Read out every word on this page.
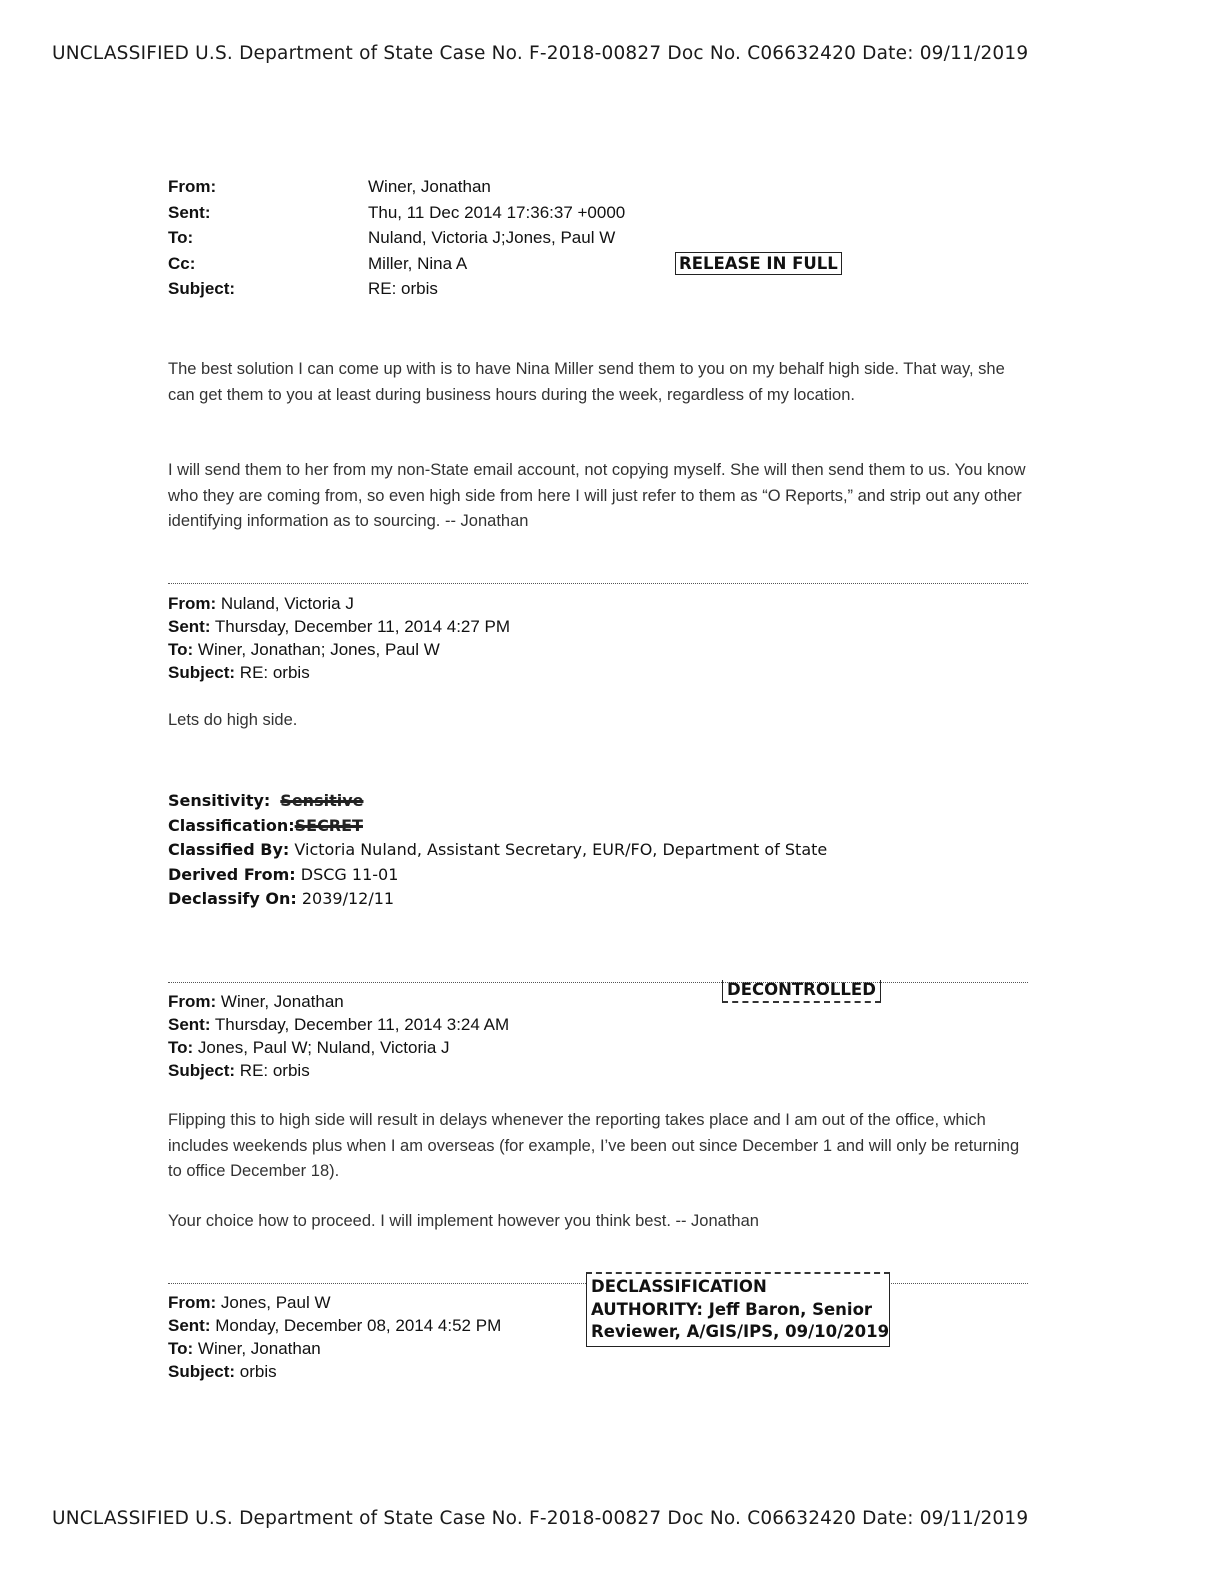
UNCLASSIFIED U.S. Department of State Case No. F-2018-00827 Doc No. C06632420 Date: 09/11/2019
From:	Winer, Jonathan
Sent:	Thu, 11 Dec 2014 17:36:37 +0000
To:	Nuland, Victoria J;Jones, Paul W
Cc:	Miller, Nina A
Subject:	RE: orbis
RELEASE IN FULL

The best solution I can come up with is to have Nina Miller send them to you on my behalf high side. That way, she can get them to you at least during business hours during the week, regardless of my location.

I will send them to her from my non-State email account, not copying myself. She will then send them to us. You know who they are coming from, so even high side from here I will just refer to them as “O Reports,” and strip out any other identifying information as to sourcing. -- Jonathan

From: Nuland, Victoria J
Sent: Thursday, December 11, 2014 4:27 PM
To: Winer, Jonathan; Jones, Paul W
Subject: RE: orbis

Lets do high side.

Sensitivity: Sensitive
Classification:SECRET
Classified By: Victoria Nuland, Assistant Secretary, EUR/FO, Department of State
Derived From: DSCG 11-01
Declassify On: 2039/12/11
DECONTROLLED
From: Winer, Jonathan
Sent: Thursday, December 11, 2014 3:24 AM
To: Jones, Paul W; Nuland, Victoria J
Subject: RE: orbis

Flipping this to high side will result in delays whenever the reporting takes place and I am out of the office, which includes weekends plus when I am overseas (for example, I’ve been out since December 1 and will only be returning to office December 18).

Your choice how to proceed. I will implement however you think best. -- Jonathan

DECLASSIFICATION
AUTHORITY: Jeff Baron, Senior
Reviewer, A/GIS/IPS, 09/10/2019
From: Jones, Paul W
Sent: Monday, December 08, 2014 4:52 PM
To: Winer, Jonathan
Subject: orbis
UNCLASSIFIED U.S. Department of State Case No. F-2018-00827 Doc No. C06632420 Date: 09/11/2019
